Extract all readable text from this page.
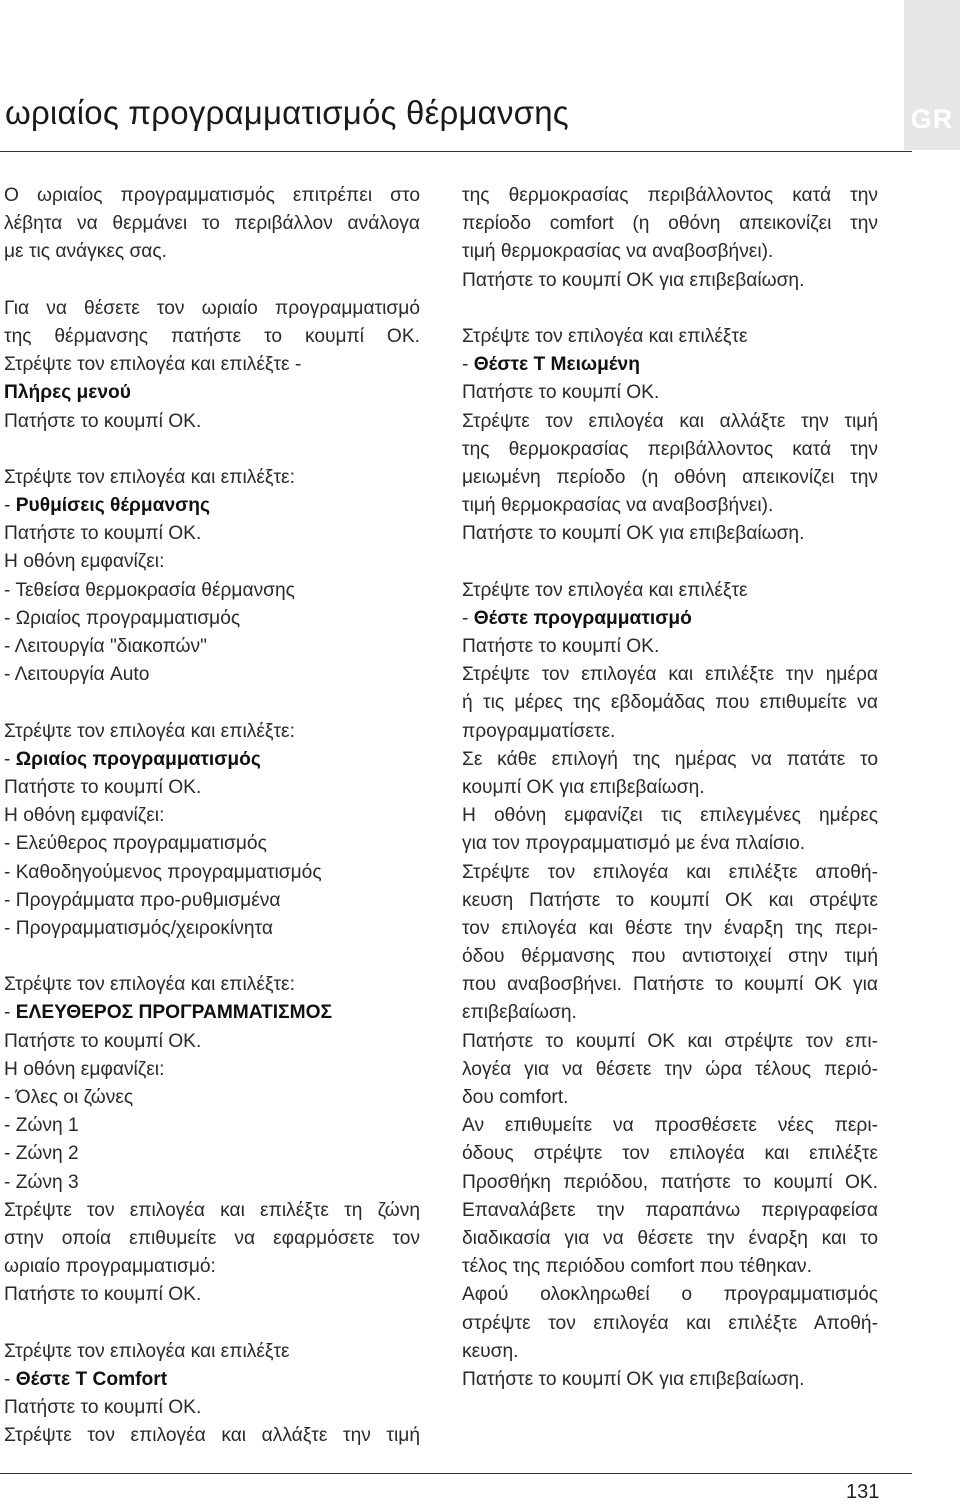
GR
ωριαίος προγραμματισμός θέρμανσης
Ο ωριαίος προγραμματισμός επιτρέπει στο
λέβητα να θερμάνει το περιβάλλον ανάλογα
με τις ανάγκες σας.
Για να θέσετε τον ωριαίο προγραμματισμό
της θέρμανσης πατήστε το κουμπί ΟΚ.
Στρέψτε τον επιλογέα και επιλέξτε -
Πλήρες μενού
Πατήστε το κουμπί ΟΚ.
Στρέψτε τον επιλογέα και επιλέξτε:
- Ρυθμίσεις θέρμανσης
Πατήστε το κουμπί ΟΚ.
Η οθόνη εμφανίζει:
- Τεθείσα θερμοκρασία θέρμανσης
- Ωριαίος προγραμματισμός
- Λειτουργία "διακοπών"
- Λειτουργία Auto
Στρέψτε τον επιλογέα και επιλέξτε:
- Ωριαίος προγραμματισμός
Πατήστε το κουμπί ΟΚ.
Η οθόνη εμφανίζει:
- Ελεύθερος προγραμματισμός
- Καθοδηγούμενος προγραμματισμός
- Προγράμματα προ-ρυθμισμένα
- Προγραμματισμός/χειροκίνητα
Στρέψτε τον επιλογέα και επιλέξτε:
- ΕΛΕΥΘΕΡΟΣ ΠΡΟΓΡΑΜΜΑΤΙΣΜΟΣ
Πατήστε το κουμπί ΟΚ.
Η οθόνη εμφανίζει:
- Όλες οι ζώνες
- Ζώνη 1
- Ζώνη 2
- Ζώνη 3
Στρέψτε τον επιλογέα και επιλέξτε τη ζώνη
στην οποία επιθυμείτε να εφαρμόσετε τον
ωριαίο προγραμματισμό:
Πατήστε το κουμπί ΟΚ.
Στρέψτε τον επιλογέα και επιλέξτε
- Θέστε T Comfort
Πατήστε το κουμπί ΟΚ.
Στρέψτε τον επιλογέα και αλλάξτε την τιμή
της θερμοκρασίας περιβάλλοντος κατά την
περίοδο comfort (η οθόνη απεικονίζει την
τιμή θερμοκρασίας να αναβοσβήνει).
Πατήστε το κουμπί ΟΚ για επιβεβαίωση.
Στρέψτε τον επιλογέα και επιλέξτε
- Θέστε T Μειωμένη
Πατήστε το κουμπί ΟΚ.
Στρέψτε τον επιλογέα και αλλάξτε την τιμή
της θερμοκρασίας περιβάλλοντος κατά την
μειωμένη περίοδο (η οθόνη απεικονίζει την
τιμή θερμοκρασίας να αναβοσβήνει).
Πατήστε το κουμπί ΟΚ για επιβεβαίωση.
Στρέψτε τον επιλογέα και επιλέξτε
- Θέστε προγραμματισμό
Πατήστε το κουμπί ΟΚ.
Στρέψτε τον επιλογέα και επιλέξτε την ημέρα
ή τις μέρες της εβδομάδας που επιθυμείτε να
προγραμματίσετε.
Σε κάθε επιλογή της ημέρας να πατάτε το
κουμπί ΟΚ για επιβεβαίωση.
Η οθόνη εμφανίζει τις επιλεγμένες ημέρες
για τον προγραμματισμό με ένα πλαίσιο.
Στρέψτε τον επιλογέα και επιλέξτε αποθή-
κευση Πατήστε το κουμπί ΟΚ και στρέψτε
τον επιλογέα και θέστε την έναρξη της περι-
όδου θέρμανσης που αντιστοιχεί στην τιμή
που αναβοσβήνει. Πατήστε το κουμπί ΟΚ για
επιβεβαίωση.
Πατήστε το κουμπί ΟΚ και στρέψτε τον επι-
λογέα για να θέσετε την ώρα τέλους περιό-
δου comfort.
Αν επιθυμείτε να προσθέσετε νέες περι-
όδους στρέψτε τον επιλογέα και επιλέξτε
Προσθήκη περιόδου, πατήστε το κουμπί ΟΚ.
Επαναλάβετε την παραπάνω περιγραφείσα
διαδικασία για να θέσετε την έναρξη και το
τέλος της περιόδου comfort που τέθηκαν.
Αφού ολοκληρωθεί ο προγραμματισμός
στρέψτε τον επιλογέα και επιλέξτε Αποθή-
κευση.
Πατήστε το κουμπί ΟΚ για επιβεβαίωση.
131
